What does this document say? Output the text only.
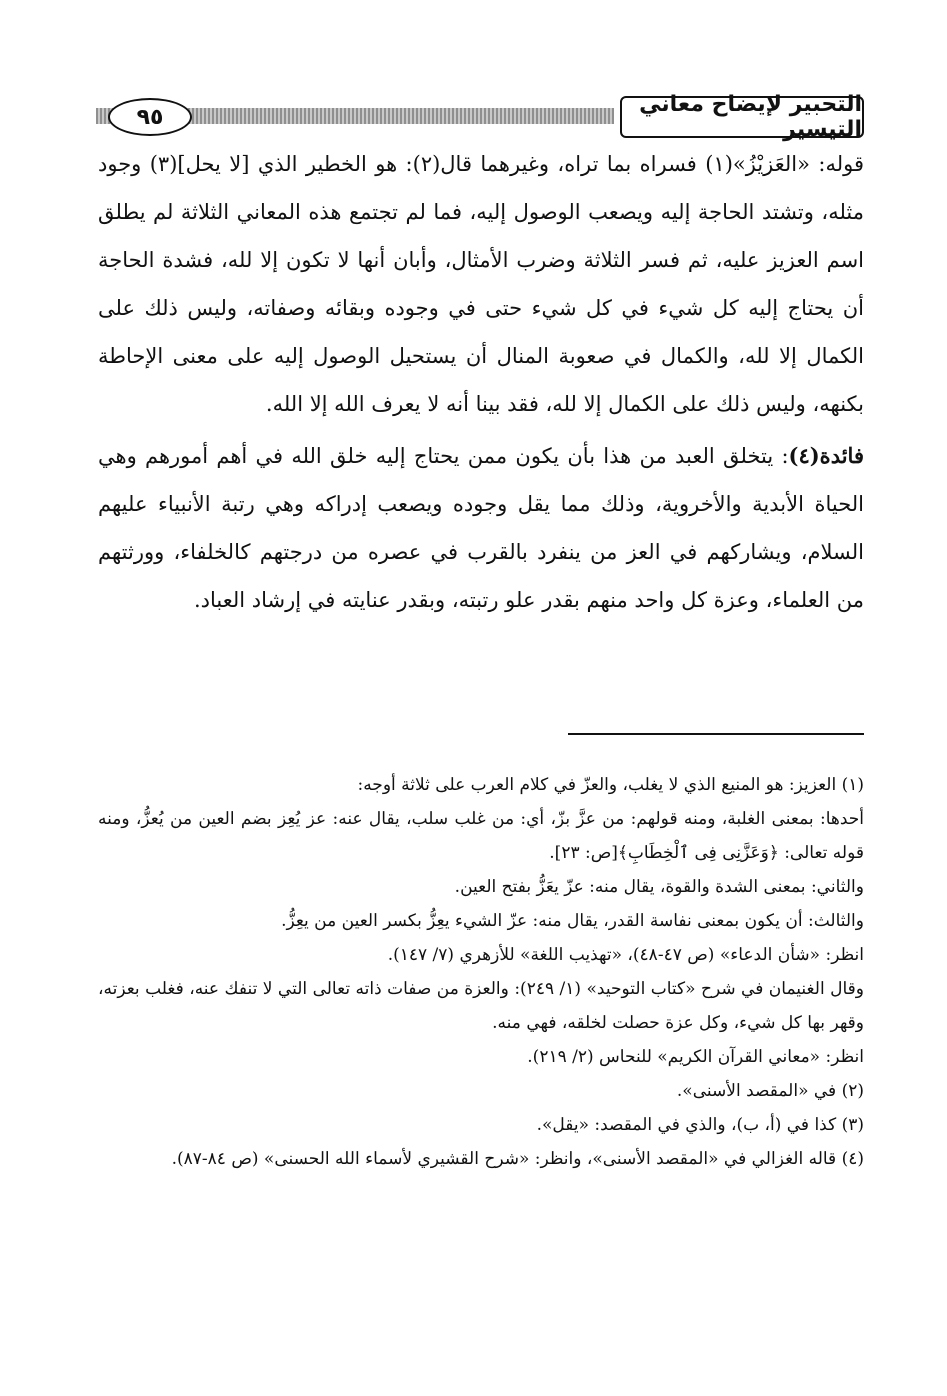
٩٥	التحبير لإيضاح معاني التيسير

قوله: «العَزيْزُ»(١) فسراه بما تراه، وغيرهما قال(٢): هو الخطير الذي [لا يحل](٣) وجود مثله، وتشتد الحاجة إليه ويصعب الوصول إليه، فما لم تجتمع هذه المعاني الثلاثة لم يطلق اسم العزيز عليه، ثم فسر الثلاثة وضرب الأمثال، وأبان أنها لا تكون إلا لله، فشدة الحاجة أن يحتاج إليه كل شيء في كل شيء حتى في وجوده وبقائه وصفاته، وليس ذلك على الكمال إلا لله، والكمال في صعوبة المنال أن يستحيل الوصول إليه على معنى الإحاطة بكنهه، وليس ذلك على الكمال إلا لله، فقد بينا أنه لا يعرف الله إلا الله.

فائدة(٤): يتخلق العبد من هذا بأن يكون ممن يحتاج إليه خلق الله في أهم أمورهم وهي الحياة الأبدية والأخروية، وذلك مما يقل وجوده ويصعب إدراكه وهي رتبة الأنبياء عليهم السلام، ويشاركهم في العز من ينفرد بالقرب في عصره من درجتهم كالخلفاء، وورثتهم من العلماء، وعزة كل واحد منهم بقدر علو رتبته، وبقدر عنايته في إرشاد العباد.

(١) العزيز: هو المنيع الذي لا يغلب، والعزّ في كلام العرب على ثلاثة أوجه:

أحدها: بمعنى الغلبة، ومنه قولهم: من عزَّ بزّ، أي: من غلب سلب، يقال عنه: عز يُعِز بضم العين من يُعزُّ، ومنه قوله تعالى: ﴿وَعَزَّنِى فِى ٱلْخِطَابِ﴾[ص: ٢٣].

والثاني: بمعنى الشدة والقوة، يقال منه: عزّ يعَزُّ بفتح العين.

والثالث: أن يكون بمعنى نفاسة القدر، يقال منه: عزّ الشيء يعِزُّ بكسر العين من يعِزُّ.

انظر: «شأن الدعاء» (ص ٤٧-٤٨)، «تهذيب اللغة» للأزهري (٧/ ١٤٧).

وقال الغنيمان في شرح «كتاب التوحيد» (١/ ٢٤٩): والعزة من صفات ذاته تعالى التي لا تنفك عنه، فغلب بعزته، وقهر بها كل شيء، وكل عزة حصلت لخلقه، فهي منه.

انظر: «معاني القرآن الكريم» للنحاس (٢/ ٢١٩).

(٢) في «المقصد الأسنى».

(٣) كذا في (أ، ب)، والذي في المقصد: «يقل».

(٤) قاله الغزالي في «المقصد الأسنى»، وانظر: «شرح القشيري لأسماء الله الحسنى» (ص ٨٤-٨٧).
